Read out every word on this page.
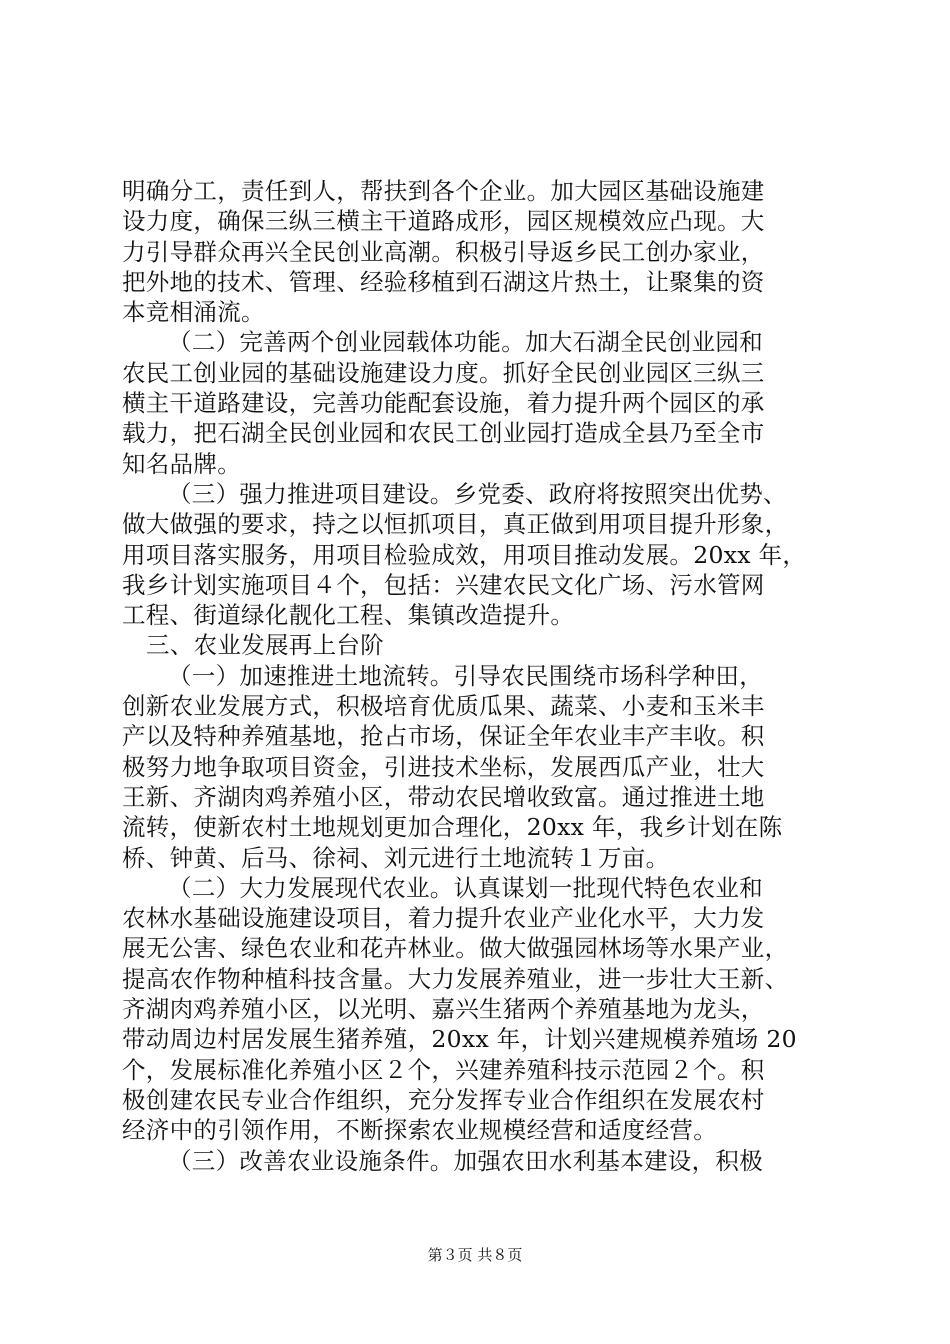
明确分工，责任到人，帮扶到各个企业。加大园区基础设施建
设力度，确保三纵三横主干道路成形，园区规模效应凸现。大
力引导群众再兴全民创业高潮。积极引导返乡民工创办家业，
把外地的技术、管理、经验移植到石湖这片热土，让聚集的资
本竞相涌流。
（二）完善两个创业园载体功能。加大石湖全民创业园和
农民工创业园的基础设施建设力度。抓好全民创业园区三纵三
横主干道路建设，完善功能配套设施，着力提升两个园区的承
载力，把石湖全民创业园和农民工创业园打造成全县乃至全市
知名品牌。
（三）强力推进项目建设。乡党委、政府将按照突出优势、
做大做强的要求，持之以恒抓项目，真正做到用项目提升形象，
用项目落实服务，用项目检验成效，用项目推动发展。20xx 年，
我乡计划实施项目４个，包括：兴建农民文化广场、污水管网
工程、街道绿化靓化工程、集镇改造提升。
三、农业发展再上台阶
（一）加速推进土地流转。引导农民围绕市场科学种田，
创新农业发展方式，积极培育优质瓜果、蔬菜、小麦和玉米丰
产以及特种养殖基地，抢占市场，保证全年农业丰产丰收。积
极努力地争取项目资金，引进技术坐标，发展西瓜产业，壮大
王新、齐湖肉鸡养殖小区，带动农民增收致富。通过推进土地
流转，使新农村土地规划更加合理化，20xx 年，我乡计划在陈
桥、钟黄、后马、徐祠、刘元进行土地流转１万亩。
（二）大力发展现代农业。认真谋划一批现代特色农业和
农林水基础设施建设项目，着力提升农业产业化水平，大力发
展无公害、绿色农业和花卉林业。做大做强园林场等水果产业，
提高农作物种植科技含量。大力发展养殖业，进一步壮大王新、
齐湖肉鸡养殖小区，以光明、嘉兴生猪两个养殖基地为龙头，
带动周边村居发展生猪养殖，20xx 年，计划兴建规模养殖场 20
个，发展标准化养殖小区２个，兴建养殖科技示范园２个。积
极创建农民专业合作组织，充分发挥专业合作组织在发展农村
经济中的引领作用，不断探索农业规模经营和适度经营。
（三）改善农业设施条件。加强农田水利基本建设，积极
第３页 共８页
